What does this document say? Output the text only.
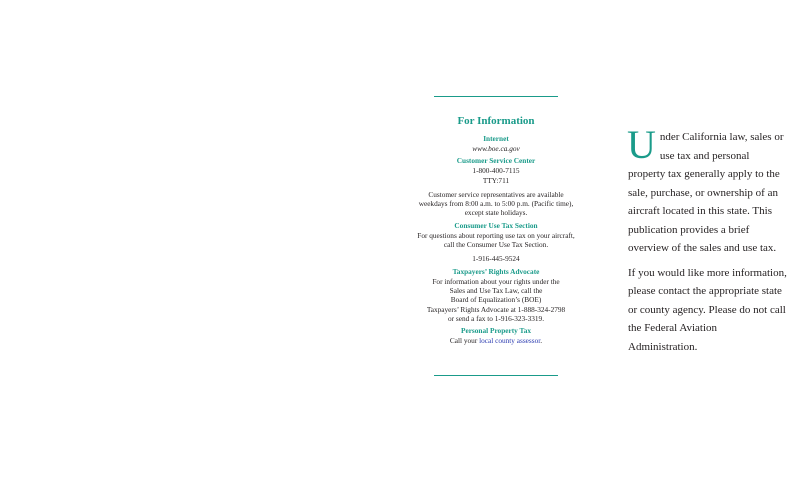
For Information

Internet

www.boe.ca.gov

Customer Service Center

1-800-400-7115

TTY:711

Customer service representatives are available weekdays from 8:00 a.m. to 5:00 p.m. (Pacific time), except state holidays.

Consumer Use Tax Section

For questions about reporting use tax on your aircraft, call the Consumer Use Tax Section.

1-916-445-9524

Taxpayers’ Rights Advocate

For information about your rights under the
Sales and Use Tax Law, call the
Board of Equalization’s (BOE)
Taxpayers’ Rights Advocate at 1-888-324-2798
or send a fax to 1-916-323-3319.

Personal Property Tax

Call your local county assessor.

Under California law, sales or use tax and personal property tax generally apply to the sale, purchase, or ownership of an aircraft located in this state. This publication provides a brief overview of the sales and use tax.

If you would like more information, please contact the appropriate state or county agency. Please do not call the Federal Aviation Administration.
